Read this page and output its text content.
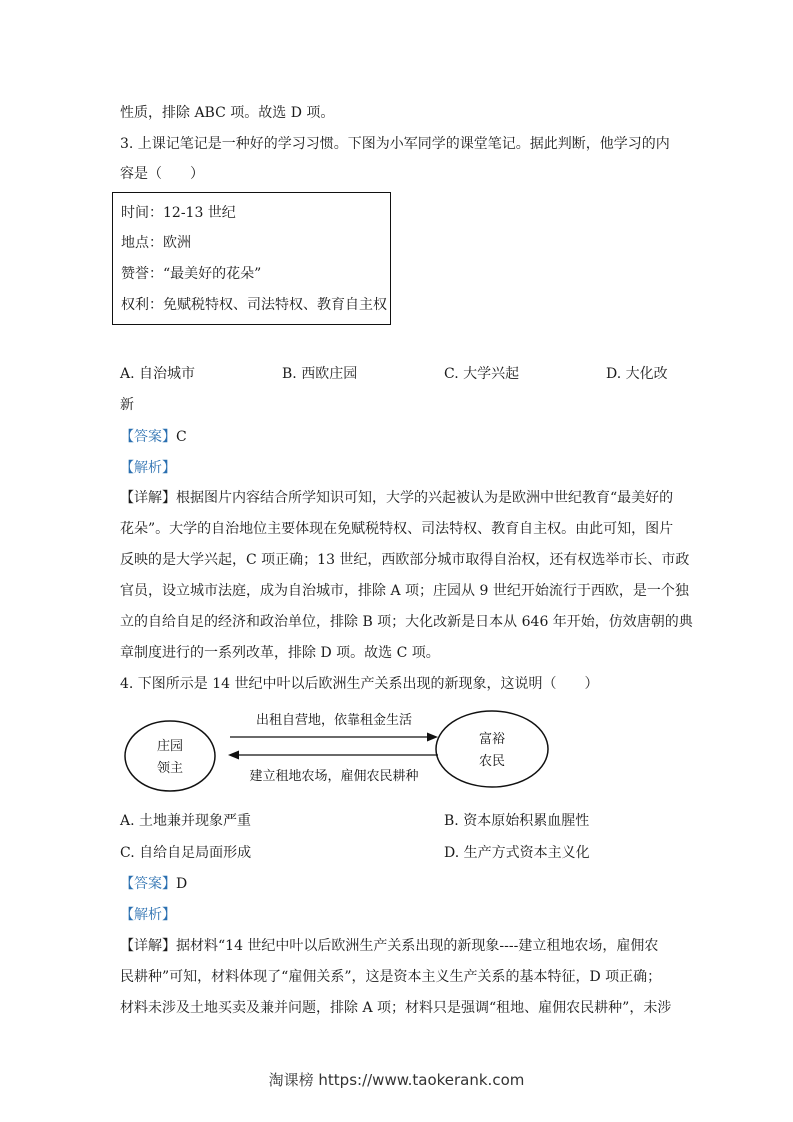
性质，排除 ABC 项。故选 D 项。
3. 上课记笔记是一种好的学习习惯。下图为小军同学的课堂笔记。据此判断，他学习的内
容是（　　）
时间：12-13 世纪
地点：欧洲
赞誉：“最美好的花朵”
权利：免赋税特权、司法特权、教育自主权
A. 自治城市	B. 西欧庄园	C. 大学兴起	D. 大化改
新
【答案】C
【解析】
【详解】根据图片内容结合所学知识可知，大学的兴起被认为是欧洲中世纪教育“最美好的
花朵”。大学的自治地位主要体现在免赋税特权、司法特权、教育自主权。由此可知，图片
反映的是大学兴起，C 项正确；13 世纪，西欧部分城市取得自治权，还有权选举市长、市政
官员，设立城市法庭，成为自治城市，排除 A 项；庄园从 9 世纪开始流行于西欧，是一个独
立的自给自足的经济和政治单位，排除 B 项；大化改新是日本从 646 年开始，仿效唐朝的典
章制度进行的一系列改革，排除 D 项。故选 C 项。
4. 下图所示是 14 世纪中叶以后欧洲生产关系出现的新现象，这说明（　　）
庄园
领主
富裕
农民
出租自营地，依靠租金生活
建立租地农场，雇佣农民耕种
A. 土地兼并现象严重	B. 资本原始积累血腥性
C. 自给自足局面形成	D. 生产方式资本主义化
【答案】D
【解析】
【详解】据材料“14 世纪中叶以后欧洲生产关系出现的新现象----建立租地农场，雇佣农
民耕种”可知，材料体现了“雇佣关系”，这是资本主义生产关系的基本特征，D 项正确；
材料未涉及土地买卖及兼并问题，排除 A 项；材料只是强调“租地、雇佣农民耕种”，未涉
淘课榜 https://www.taokerank.com
